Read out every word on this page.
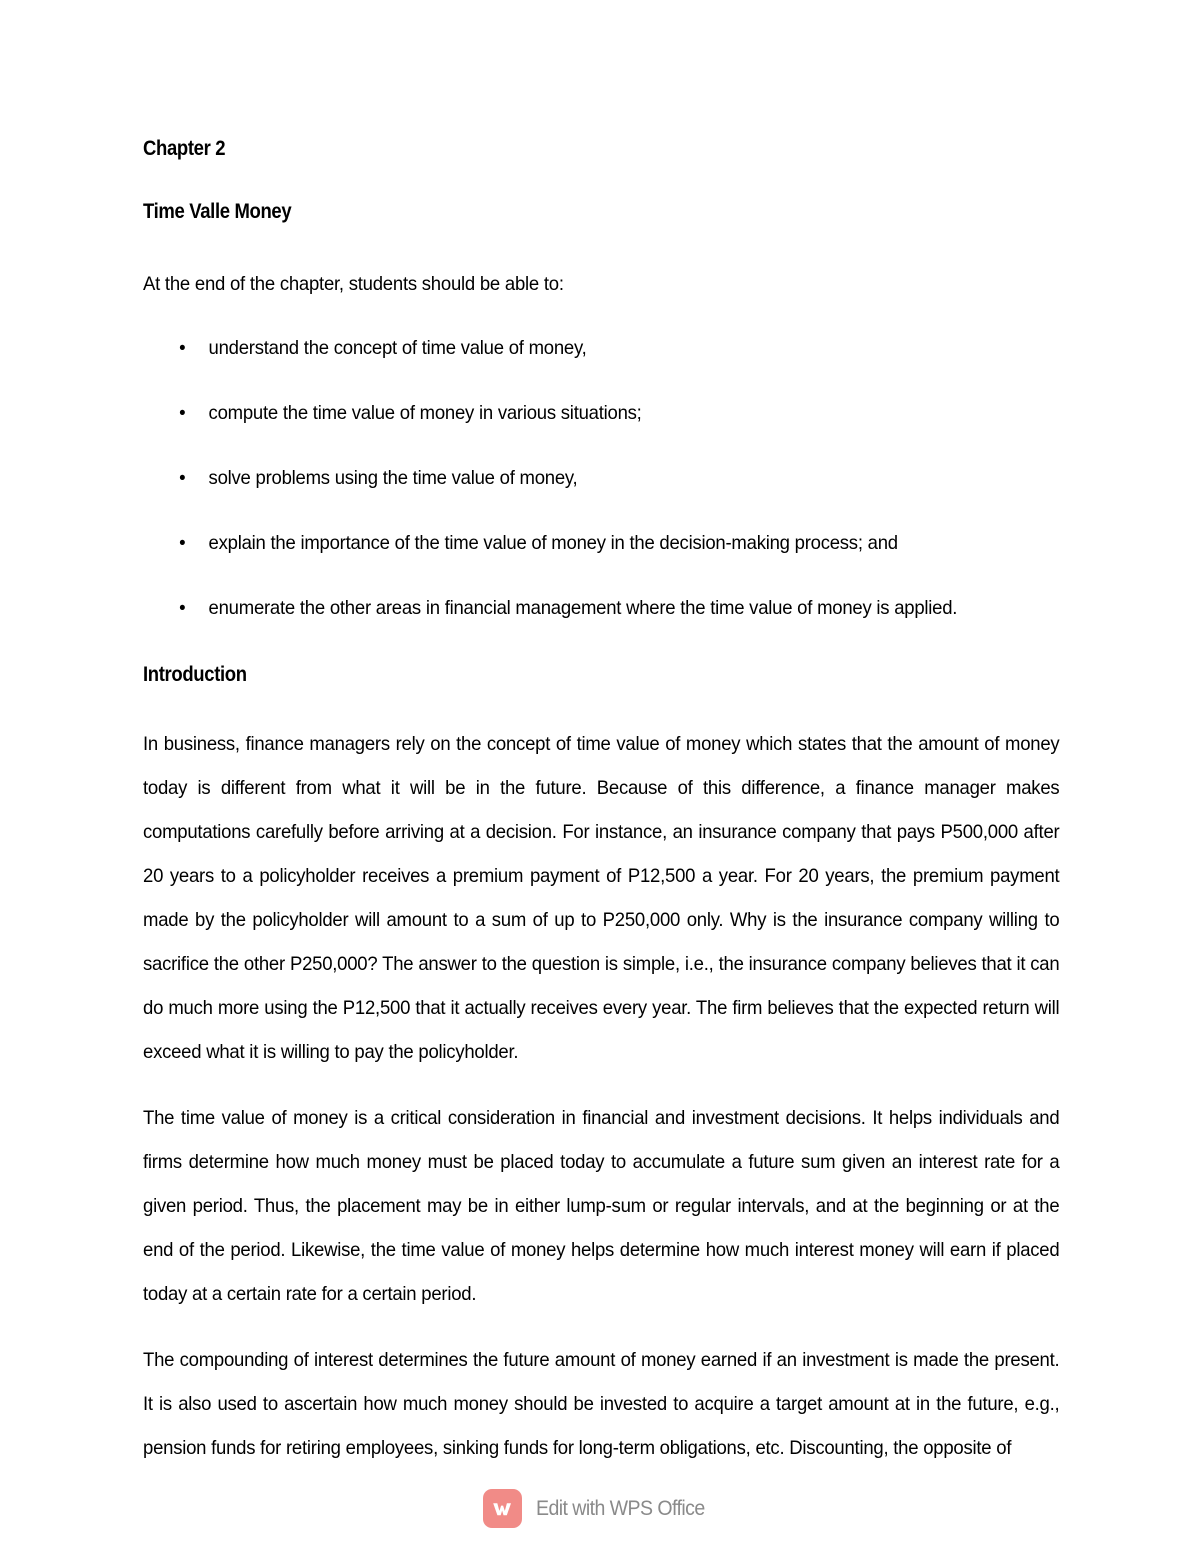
Chapter 2
Time Valle Money

At the end of the chapter, students should be able to:

• understand the concept of time value of money,
• compute the time value of money in various situations;
• solve problems using the time value of money,
• explain the importance of the time value of money in the decision-making process; and
• enumerate the other areas in financial management where the time value of money is applied.
Introduction

In business, finance managers rely on the concept of time value of money which states that the amount of money today is different from what it will be in the future. Because of this difference, a finance manager makes computations carefully before arriving at a decision. For instance, an insurance company that pays P500,000 after 20 years to a policyholder receives a premium payment of P12,500 a year. For 20 years, the premium payment made by the policyholder will amount to a sum of up to P250,000 only. Why is the insurance company willing to sacrifice the other P250,000? The answer to the question is simple, i.e., the insurance company believes that it can do much more using the P12,500 that it actually receives every year. The firm believes that the expected return will exceed what it is willing to pay the policyholder.

The time value of money is a critical consideration in financial and investment decisions. It helps individuals and firms determine how much money must be placed today to accumulate a future sum given an interest rate for a given period. Thus, the placement may be in either lump-sum or regular intervals, and at the beginning or at the end of the period. Likewise, the time value of money helps determine how much interest money will earn if placed today at a certain rate for a certain period.

The compounding of interest determines the future amount of money earned if an investment is made the present. It is also used to ascertain how much money should be invested to acquire a target amount at in the future, e.g., pension funds for retiring employees, sinking funds for long-term obligations, etc. Discounting, the opposite of

Edit with WPS Office
